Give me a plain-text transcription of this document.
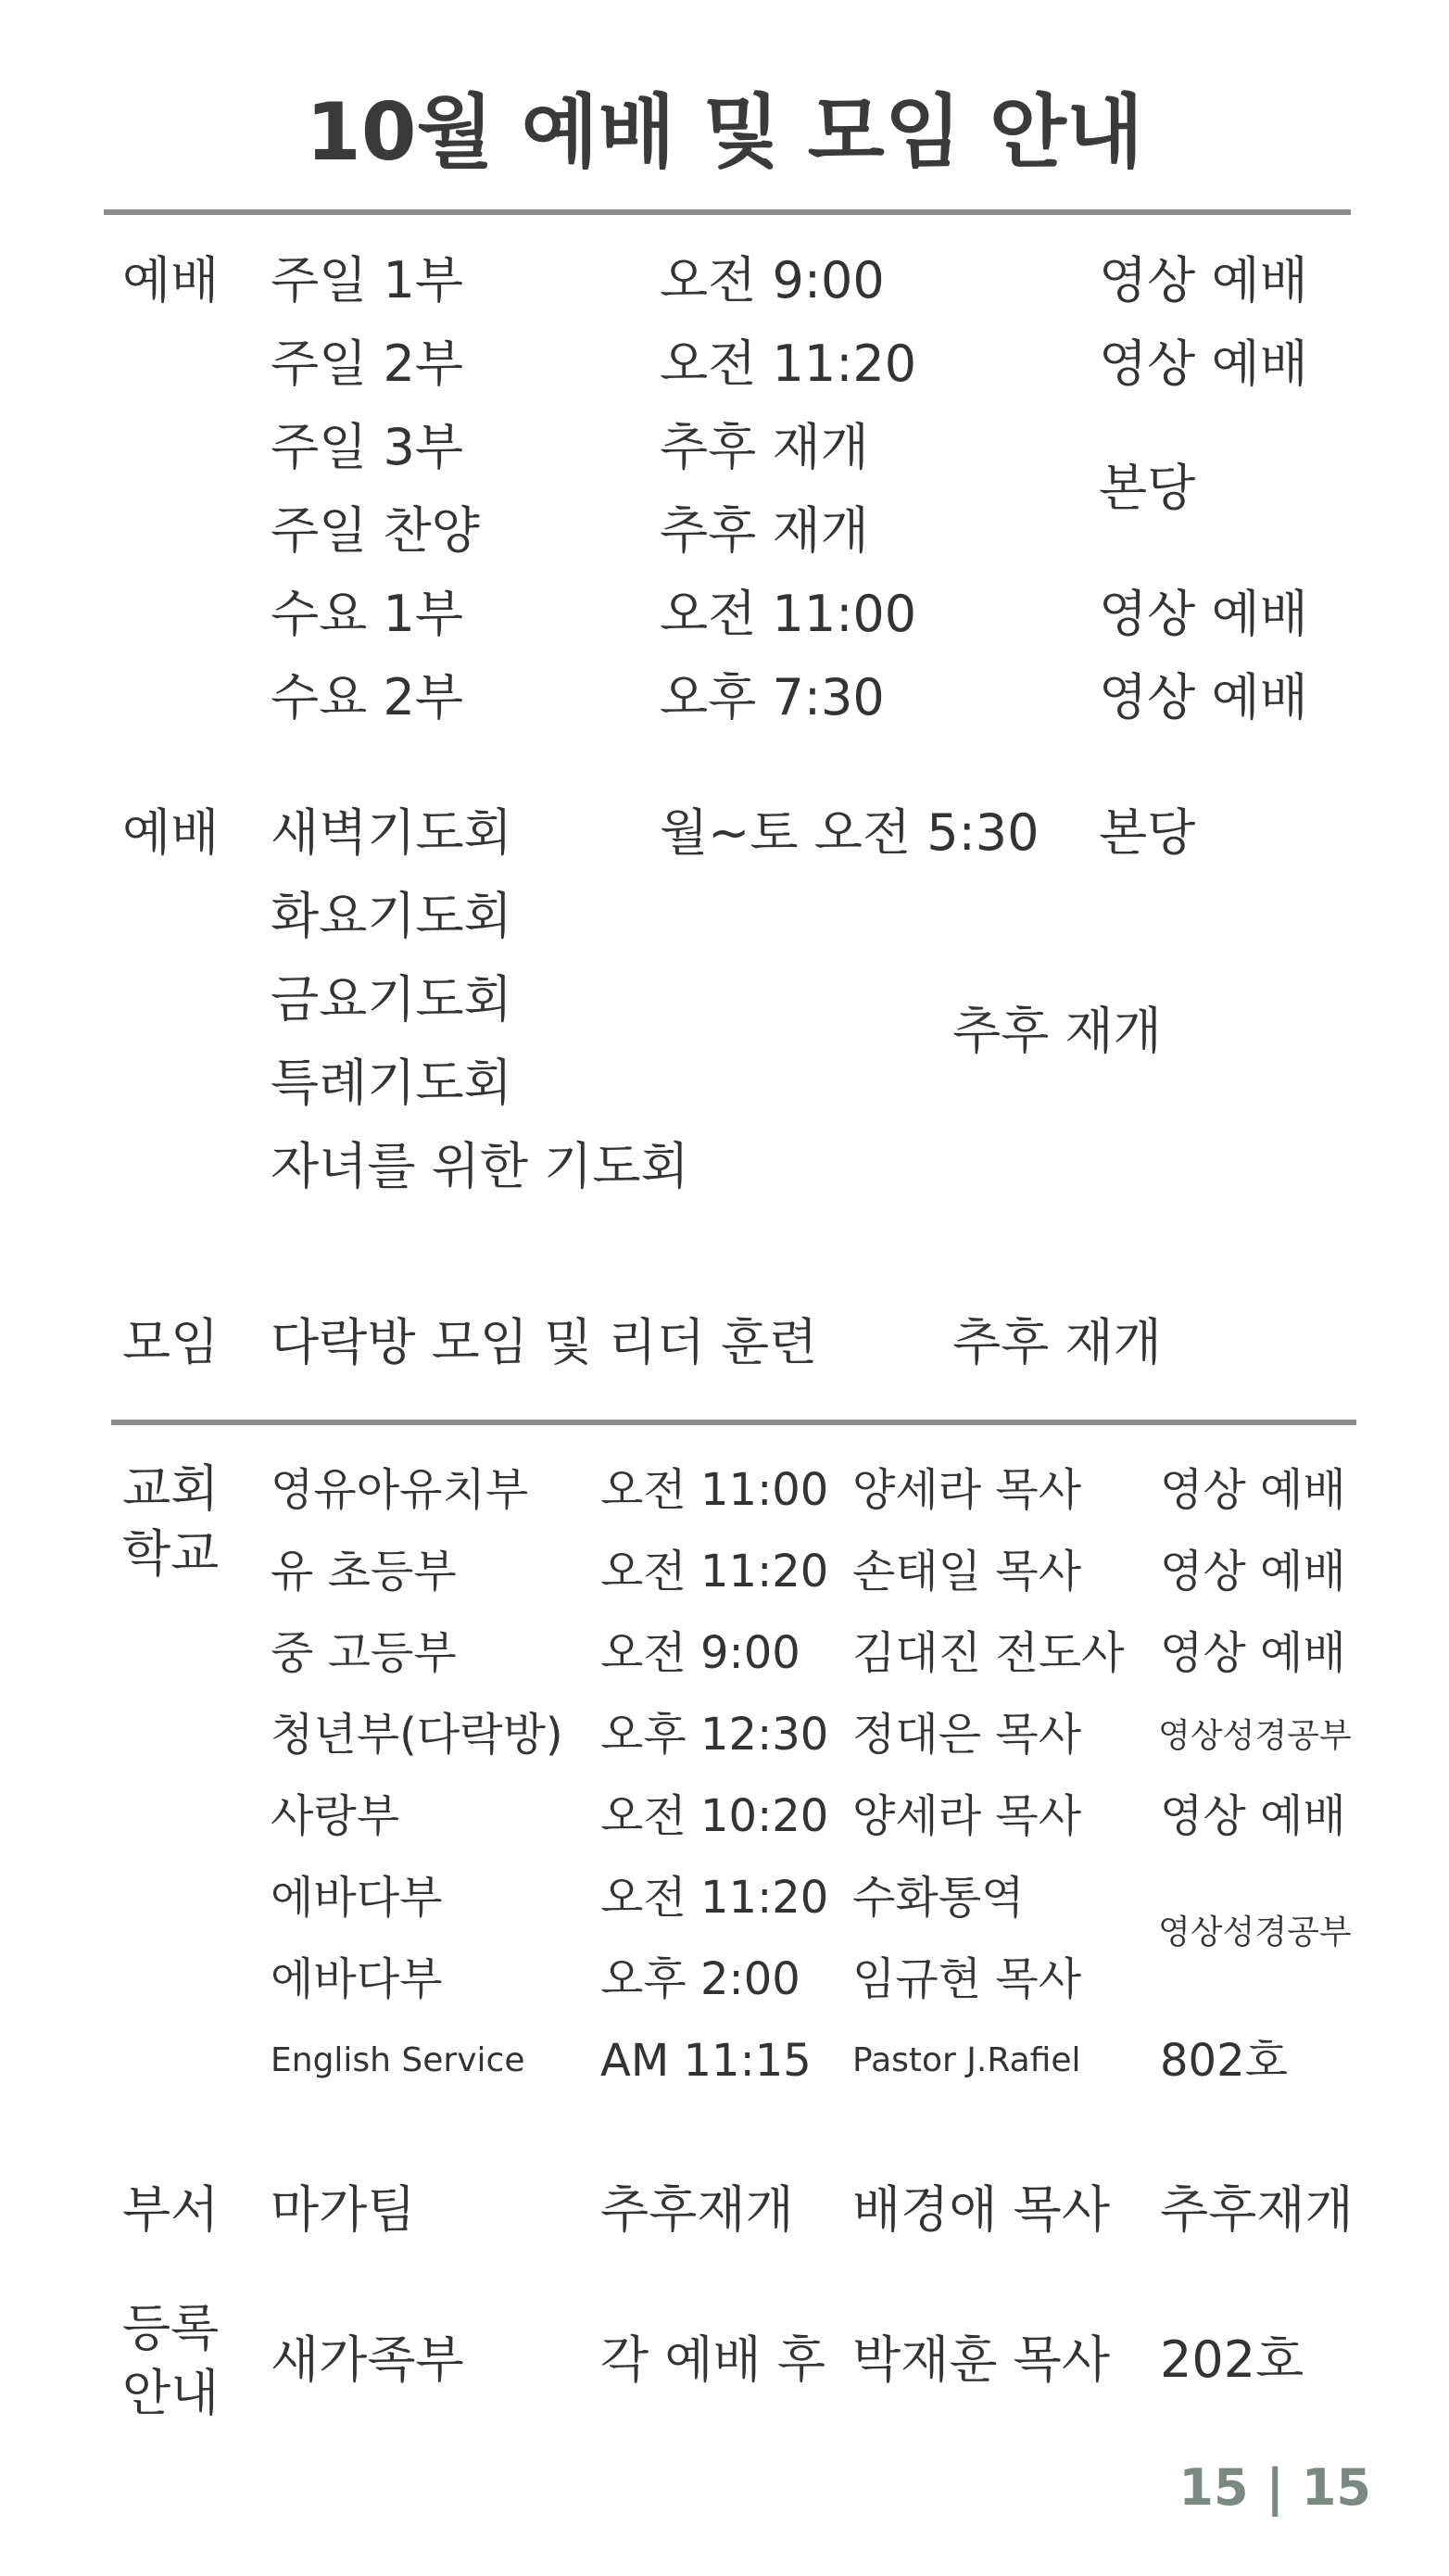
10월 예배 및 모임 안내
예배 주일 1부	오전 9:00	영상 예배
주일 2부	오전 11:20	영상 예배
주일 3부	추후 재개
본당
주일 찬양	추후 재개
수요 1부	오전 11:00	영상 예배
수요 2부	오후 7:30	영상 예배
예배 새벽기도회	월~토 오전 5:30 본당
화요기도회
금요기도회
추후 재개
특례기도회
자녀를 위한 기도회
모임 다락방 모임 및 리더 훈련	추후 재개
교회
학교
영유아유치부 오전 11:00 양세라 목사 영상 예배
유 초등부	오전 11:20 손태일 목사 영상 예배
중 고등부	오전 9:00 김대진 전도사 영상 예배
청년부(다락방) 오후 12:30 정대은 목사 영상성경공부
사랑부	오전 10:20 양세라 목사 영상 예배
에바다부	오전 11:20 수화통역
영상성경공부
에바다부	오후 2:00 임규현 목사
English Service AM 11:15 Pastor J.Rafiel 802호
부서 마가팀	추후재개 배경애 목사 추후재개
등록
안내
새가족부	각 예배 후 박재훈 목사 202호
15 | 15
